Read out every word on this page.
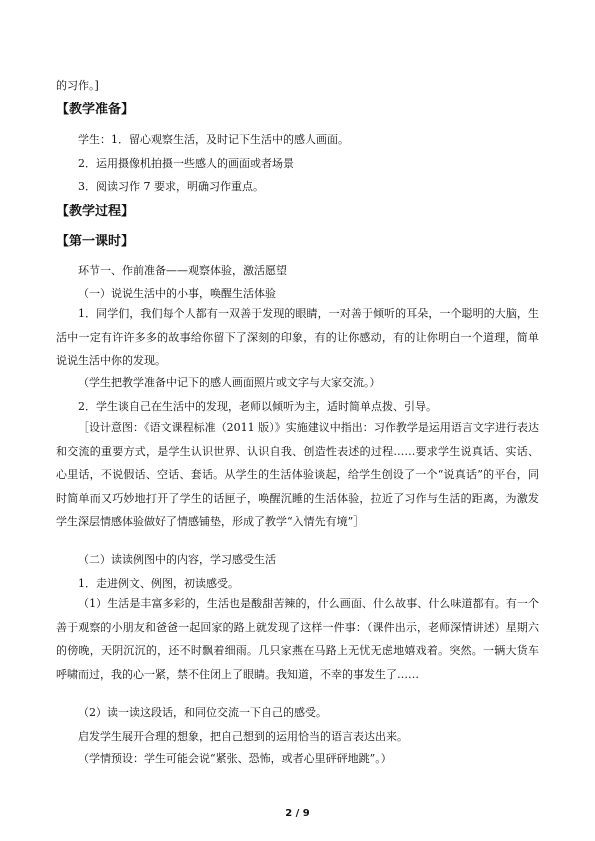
的习作。]
【教学准备】
学生：1．留心观察生活，及时记下生活中的感人画面。
2．运用摄像机拍摄一些感人的画面或者场景
3．阅读习作 7 要求，明确习作重点。
【教学过程】
【第一课时】
环节一、作前准备——观察体验，激活愿望
（一）说说生活中的小事，唤醒生活体验
1．同学们，我们每个人都有一双善于发现的眼睛，一对善于倾听的耳朵，一个聪明的大脑，生活中一定有许许多多的故事给你留下了深刻的印象，有的让你感动，有的让你明白一个道理，简单说说生活中你的发现。
（学生把教学准备中记下的感人画面照片或文字与大家交流。）
2．学生谈自己在生活中的发现，老师以倾听为主，适时简单点拨、引导。
［设计意图：《语文课程标准（2011 版）》实施建议中指出：习作教学是运用语言文字进行表达和交流的重要方式，是学生认识世界、认识自我、创造性表述的过程……要求学生说真话、实话、心里话，不说假话、空话、套话。从学生的生活体验谈起，给学生创设了一个“说真话”的平台，同时简单而又巧妙地打开了学生的话匣子，唤醒沉睡的生活体验，拉近了习作与生活的距离，为激发学生深层情感体验做好了情感铺垫，形成了教学“入情先有境”］
（二）读读例图中的内容，学习感受生活
1．走进例文、例图，初读感受。
（1）生活是丰富多彩的，生活也是酸甜苦辣的，什么画面、什么故事、什么味道都有。有一个善于观察的小朋友和爸爸一起回家的路上就发现了这样一件事：（课件出示，老师深情讲述）星期六的傍晚，天阴沉沉的，还不时飘着细雨。几只家燕在马路上无忧无虑地嬉戏着。突然。一辆大货车呼啸而过，我的心一紧，禁不住闭上了眼睛。我知道，不幸的事发生了……
（2）读一读这段话，和同位交流一下自己的感受。
启发学生展开合理的想象，把自己想到的运用恰当的语言表达出来。
（学情预设：学生可能会说“紧张、恐怖，或者心里砰砰地跳”。）
2 / 9
